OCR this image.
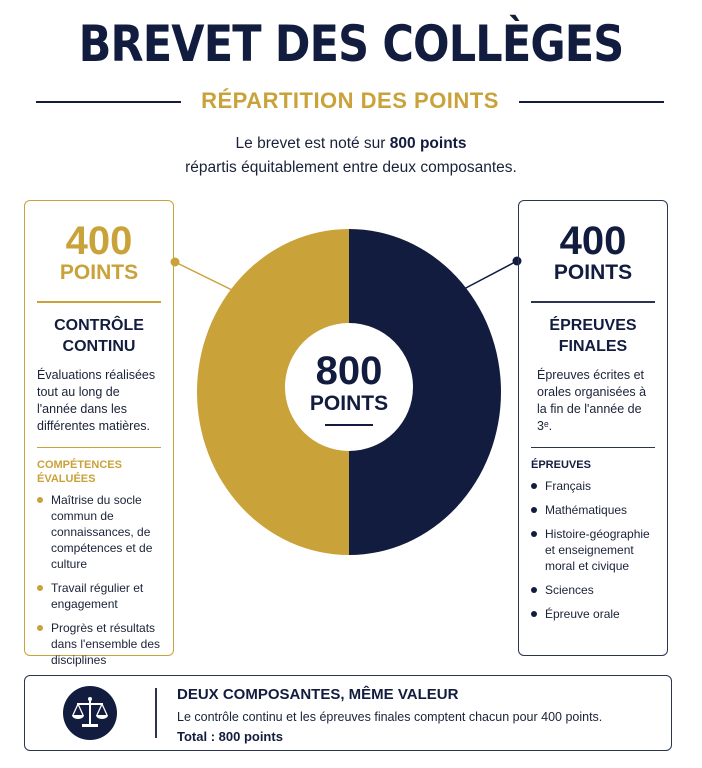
BREVET DES COLLÈGES
RÉPARTITION DES POINTS
Le brevet est noté sur 800 points
répartis équitablement entre deux composantes.
800
POINTS
400
POINTS
CONTRÔLE
CONTINU
Évaluations réalisées tout au long de l'année dans les différentes matières.
COMPÉTENCES ÉVALUÉES
Maîtrise du socle commun de connaissances, de compétences et de culture
Travail régulier et engagement
Progrès et résultats dans l'ensemble des disciplines
400
POINTS
ÉPREUVES
FINALES
Épreuves écrites et orales organisées à la fin de l'année de 3ᵉ.
ÉPREUVES
Français
Mathématiques
Histoire-géographie et enseignement moral et civique
Sciences
Épreuve orale
DEUX COMPOSANTES, MÊME VALEUR
Le contrôle continu et les épreuves finales comptent chacun pour 400 points.
Total : 800 points
